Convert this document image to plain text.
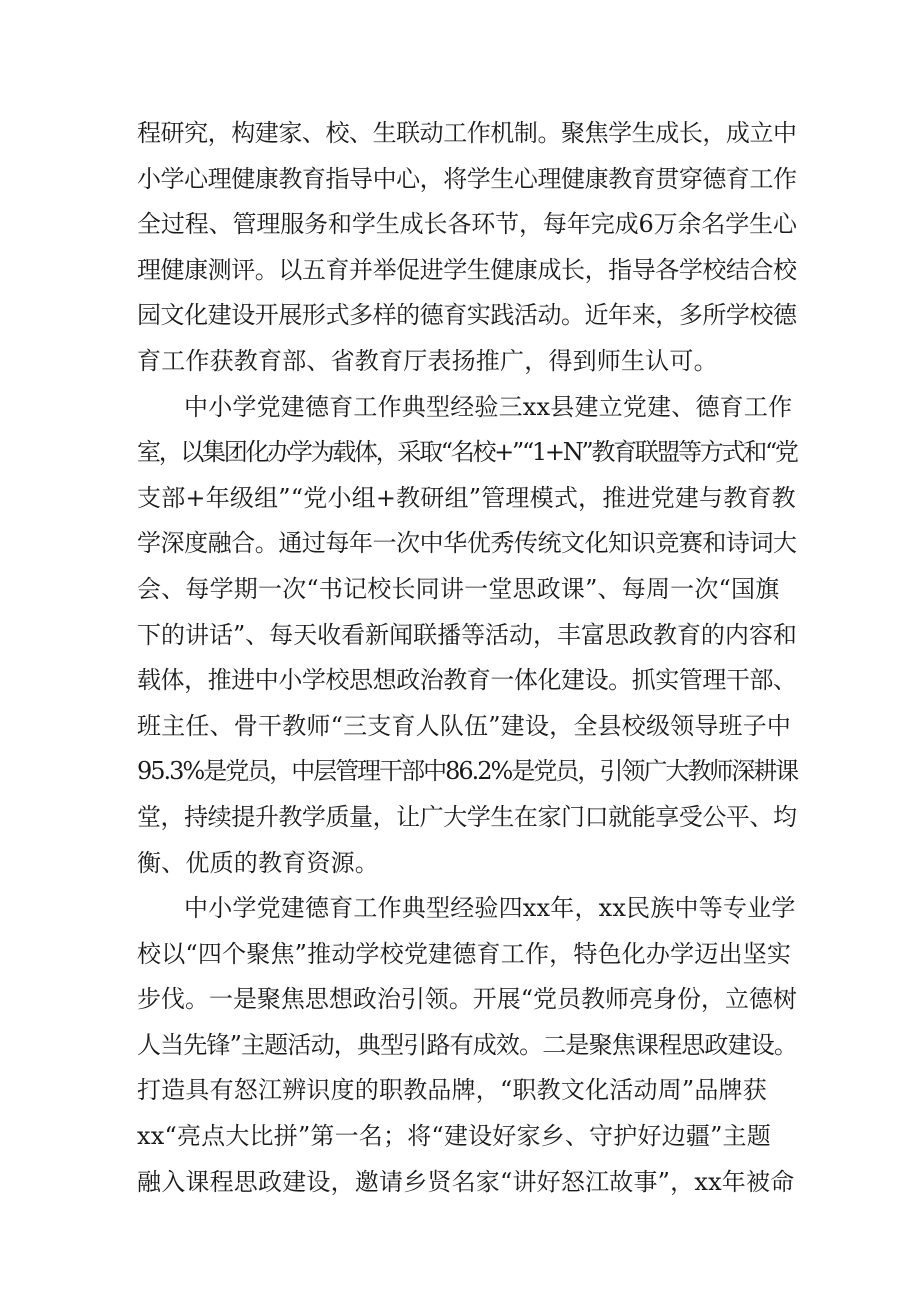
程研究，构建家、校、生联动工作机制。聚焦学生成长，成立中
小学心理健康教育指导中心，将学生心理健康教育贯穿德育工作
全过程、管理服务和学生成长各环节，每年完成6万余名学生心
理健康测评。以五育并举促进学生健康成长，指导各学校结合校
园文化建设开展形式多样的德育实践活动。近年来，多所学校德
育工作获教育部、省教育厅表扬推广，得到师生认可。
中小学党建德育工作典型经验三xx县建立党建、德育工作
室，以集团化办学为载体，采取“名校+”“1+N”教育联盟等方式和“党
支部+年级组”“党小组+教研组”管理模式，推进党建与教育教
学深度融合。通过每年一次中华优秀传统文化知识竞赛和诗词大
会、每学期一次“书记校长同讲一堂思政课”、每周一次“国旗
下的讲话”、每天收看新闻联播等活动，丰富思政教育的内容和
载体，推进中小学校思想政治教育一体化建设。抓实管理干部、
班主任、骨干教师“三支育人队伍”建设，全县校级领导班子中
95.3%是党员，中层管理干部中86.2%是党员，引领广大教师深耕课
堂，持续提升教学质量，让广大学生在家门口就能享受公平、均
衡、优质的教育资源。
中小学党建德育工作典型经验四xx年，xx民族中等专业学
校以“四个聚焦”推动学校党建德育工作，特色化办学迈出坚实
步伐。一是聚焦思想政治引领。开展“党员教师亮身份，立德树
人当先锋”主题活动，典型引路有成效。二是聚焦课程思政建设。
打造具有怒江辨识度的职教品牌，“职教文化活动周”品牌获
xx“亮点大比拼”第一名；将“建设好家乡、守护好边疆”主题
融入课程思政建设，邀请乡贤名家“讲好怒江故事”，xx年被命
